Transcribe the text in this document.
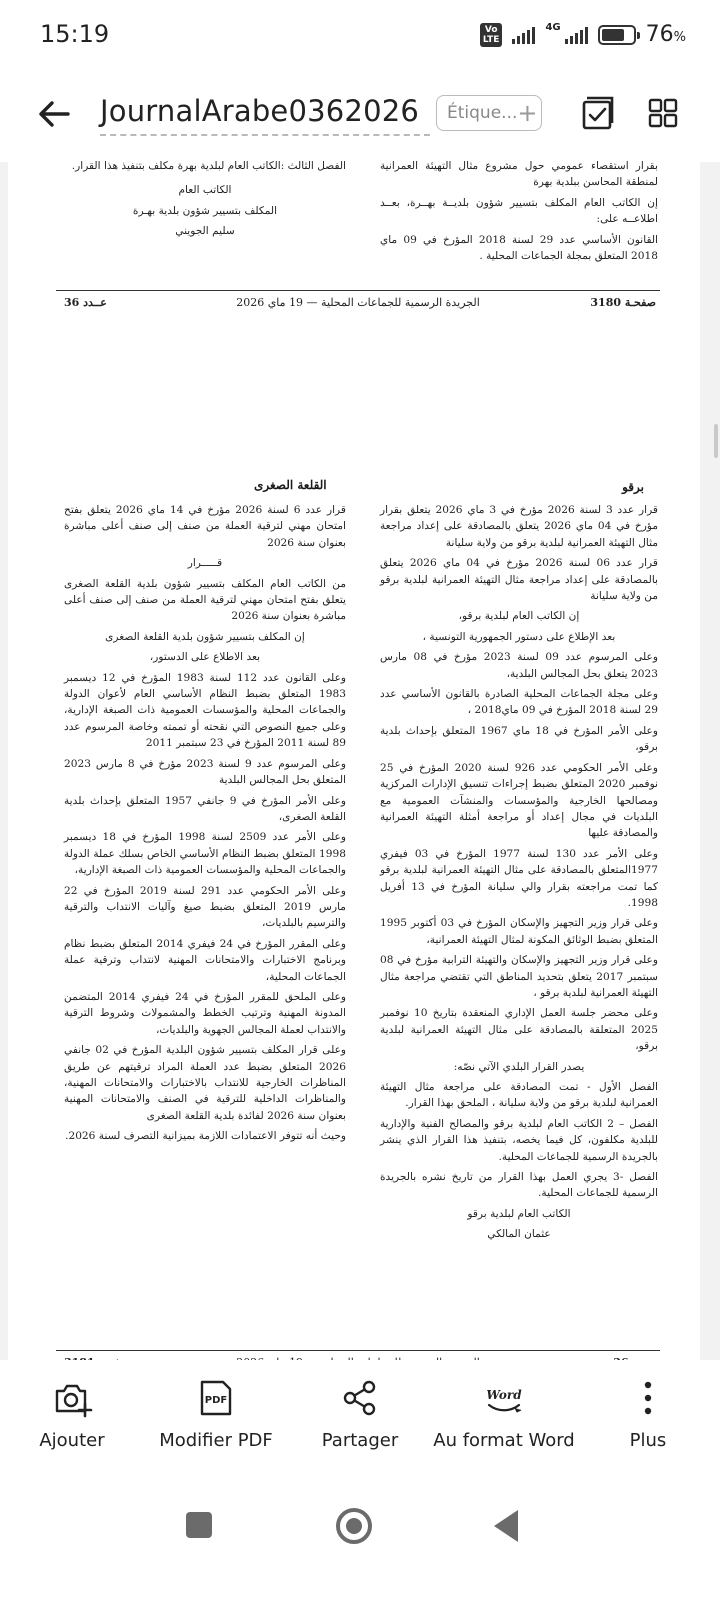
15:19	Vo
LTE
4G	76%
JournalArabe0362026	Étique... +

بقرار استقصاء عمومي حول مشروع مثال التهيئة العمرانية لمنطقة المحاسن ببلدية بهرة

إن الكاتب العام المكلف بتسيير شؤون بلديــة بهــرة، بعــد اطلاعــه على:

القانون الأساسي عدد 29 لسنة 2018 المؤرخ في 09 ماي 2018 المتعلق بمجلة الجماعات المحلية .

الفصل الثالث :الكاتب العام لبلدية بهرة مكلف بتنفيذ هذا القرار.

الكاتب العام

المكلف بتسيير شؤون بلدية بهـرة

سليم الجويني

عــدد 36	الجريدة الرسمية للجماعات المحلية — 19 ماي 2026	صفحـة 3180
برقو
القلعة الصغرى

قرار عدد 3 لسنة 2026 مؤرخ في 3 ماي 2026 يتعلق بقرار مؤرخ في 04 ماي 2026 يتعلق بالمصادقة على إعداد مراجعة مثال التهيئة العمرانية لبلدية برقو من ولاية سليانة

قرار عدد 06 لسنة 2026 مؤرخ في 04 ماي 2026 يتعلق بالمصادقة على إعداد مراجعة مثال التهيئة العمرانية لبلدية برقو من ولاية سليانة

إن الكاتب العام لبلدية برقو،

بعد الإطلاع على دستور الجمهورية التونسية ،

وعلى المرسوم عدد 09 لسنة 2023 مؤرخ في 08 مارس 2023 يتعلق بحل المجالس البلدية،

وعلى مجلة الجماعات المحلية الصادرة بالقانون الأساسي عدد 29 لسنة 2018 المؤرخ في 09 ماي2018 ،

وعلى الأمر المؤرخ في 18 ماي 1967 المتعلق بإحداث بلدية برقو،

وعلى الأمر الحكومي عدد 926 لسنة 2020 المؤرخ في 25 نوفمبر 2020 المتعلق بضبط إجراءات تنسيق الإدارات المركزية ومصالحها الخارجية والمؤسسات والمنشآت العمومية مع البلديات في مجال إعداد أو مراجعة أمثلة التهيئة العمرانية والمصادقة عليها

وعلى الأمر عدد 130 لسنة 1977 المؤرخ في 03 فيفري 1977المتعلق بالمصادقة على مثال التهيئة العمرانية لبلدية برقو كما تمت مراجعته بقرار والي سليانة المؤرخ في 13 أفريل 1998.

وعلى قرار وزير التجهيز والإسكان المؤرخ في 03 أكتوبر 1995 المتعلق بضبط الوثائق المكونة لمثال التهيئة العمرانية،

وعلى قرار وزير التجهيز والإسكان والتهيئة الترابية مؤرخ في 08 سبتمبر 2017 يتعلق بتحديد المناطق التي تقتضي مراجعة مثال التهيئة العمرانية لبلدية برقو ،

وعلى محضر جلسة العمل الإداري المنعقدة بتاريخ 10 نوفمبر 2025 المتعلقة بالمصادقة على مثال التهيئة العمرانية لبلدية برقو،

يصدر القرار البلدي الآتي نصّه:

الفصل الأول - تمت المصادقة على مراجعة مثال التهيئة العمرانية لبلدية برقو من ولاية سليانة ، الملحق بهذا القرار.

الفصل – 2 الكاتب العام لبلدية برقو والمصالح الفنية والإدارية للبلدية مكلفون، كل فيما يخصه، بتنفيذ هذا القرار الذي ينشر بالجريدة الرسمية للجماعات المحلية.

الفصل -3 يجري العمل بهذا القرار من تاريخ نشره بالجريدة الرسمية للجماعات المحلية.

الكاتب العام لبلدية برقو

عثمان المالكي

قرار عدد 6 لسنة 2026 مؤرخ في 14 ماي 2026 يتعلق بفتح امتحان مهني لترقية العملة من صنف إلى صنف أعلى مباشرة بعنوان سنة 2026

قـــــرار

من الكاتب العام المكلف بتسيير شؤون بلدية القلعة الصغرى يتعلق بفتح امتحان مهني لترقية العملة من صنف إلى صنف أعلى مباشرة بعنوان سنة 2026

إن المكلف بتسيير شؤون بلدية القلعة الصغرى

بعد الاطلاع على الدستور،

وعلى القانون عدد 112 لسنة 1983 المؤرخ في 12 ديسمبر 1983 المتعلق بضبط النظام الأساسي العام لأعوان الدولة والجماعات المحلية والمؤسسات العمومية ذات الصبغة الإدارية، وعلى جميع النصوص التي نقحته أو تممته وخاصة المرسوم عدد 89 لسنة 2011 المؤرخ في 23 سبتمبر 2011

وعلى المرسوم عدد 9 لسنة 2023 مؤرخ في 8 مارس 2023 المتعلق بحل المجالس البلدية

وعلى الأمر المؤرخ في 9 جانفي 1957 المتعلق بإحداث بلدية القلعة الصغرى،

وعلى الأمر عدد 2509 لسنة 1998 المؤرخ في 18 ديسمبر 1998 المتعلق بضبط النظام الأساسي الخاص بسلك عملة الدولة والجماعات المحلية والمؤسسات العمومية ذات الصبغة الإدارية،

وعلى الأمر الحكومي عدد 291 لسنة 2019 المؤرخ في 22 مارس 2019 المتعلق بضبط صيغ وآليات الانتداب والترقية والترسيم بالبلديات،

وعلى المقرر المؤرخ في 24 فيفري 2014 المتعلق بضبط نظام وبرنامج الاختبارات والامتحانات المهنية لانتداب وترقية عملة الجماعات المحلية،

وعلى الملحق للمقرر المؤرخ في 24 فيفري 2014 المتضمن المدونة المهنية وترتيب الخطط والمشمولات وشروط الترقية والانتداب لعملة المجالس الجهوية والبلديات،

وعلى قرار المكلف بتسيير شؤون البلدية المؤرخ في 02 جانفي 2026 المتعلق بضبط عدد العملة المراد ترقيتهم عن طريق المناظرات الخارجية للانتداب بالاختبارات والامتحانات المهنية، والمناظرات الداخلية للترقية في الصنف والامتحانات المهنية بعنوان سنة 2026 لفائدة بلدية القلعة الصغرى

وحيث أنه تتوفر الاعتمادات اللازمة بميزانية التصرف لسنة 2026.

Ajouter
PDF
Modifier PDF	Partager
Word
Au format Word	Plus
